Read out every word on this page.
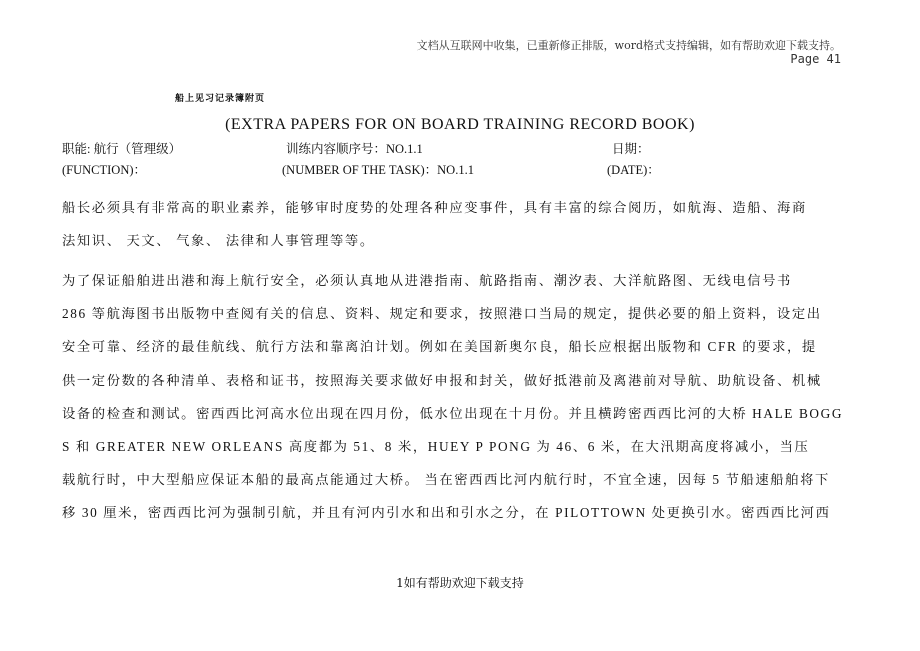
文档从互联网中收集，已重新修正排版，word格式支持编辑，如有帮助欢迎下载支持。
Page 41
船上见习记录簿附页
(EXTRA PAPERS FOR ON BOARD TRAINING RECORD BOOK)
职能: 航行（管理级）	训练内容顺序号：NO.1.1	日期：
(FUNCTION)：	(NUMBER OF THE TASK)：NO.1.1	(DATE)：
船长必须具有非常高的职业素养，能够审时度势的处理各种应变事件，具有丰富的综合阅历，如航海、造船、海商
法知识、 天文、 气象、 法律和人事管理等等。
为了保证船舶进出港和海上航行安全，必须认真地从进港指南、航路指南、潮汐表、大洋航路图、无线电信号书
286 等航海图书出版物中查阅有关的信息、资料、规定和要求，按照港口当局的规定，提供必要的船上资料，设定出
安全可靠、经济的最佳航线、航行方法和靠离泊计划。例如在美国新奥尔良，船长应根据出版物和 CFR 的要求，提
供一定份数的各种清单、表格和证书，按照海关要求做好申报和封关，做好抵港前及离港前对导航、助航设备、机械
设备的检查和测试。密西西比河高水位出现在四月份，低水位出现在十月份。并且横跨密西西比河的大桥 HALE BOGG
S 和 GREATER NEW ORLEANS 高度都为 51、8 米，HUEY P PONG 为 46、6 米，在大汛期高度将减小，当压
载航行时，中大型船应保证本船的最高点能通过大桥。 当在密西西比河内航行时，不宜全速，因每 5 节船速船舶将下
移 30 厘米，密西西比河为强制引航，并且有河内引水和出和引水之分，在 PILOTTOWN 处更换引水。密西西比河西
1如有帮助欢迎下载支持
